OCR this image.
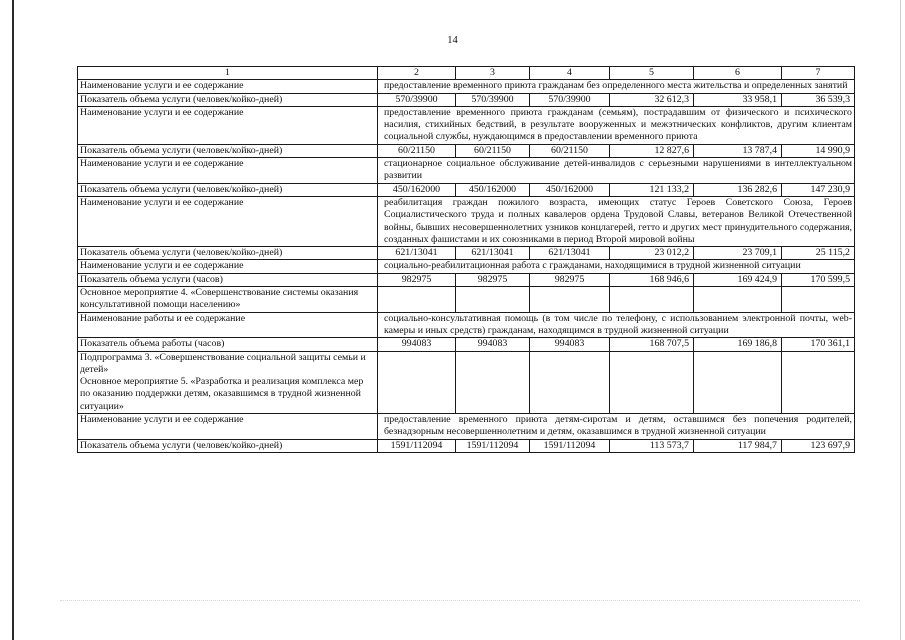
14
1	2	3	4	5	6	7
Наименование услуги и ее содержание	предоставление временного приюта гражданам без определенного места жительства и определенных занятий					
Показатель объема услуги (человек/койко-дней)	570/39900	570/39900	570/39900	32 612,3	33 958,1	36 539,3
Наименование услуги и ее содержание	предоставление временного приюта гражданам (семьям), пострадавшим от физического и психического насилия, стихийных бедствий, в результате вооруженных и межэтнических конфликтов, другим клиентам социальной службы, нуждающимся в предоставлении временного приюта					
Показатель объема услуги (человек/койко-дней)	60/21150	60/21150	60/21150	12 827,6	13 787,4	14 990,9
Наименование услуги и ее содержание	стационарное социальное обслуживание детей-инвалидов с серьезными нарушениями в интеллектуальном развитии					
Показатель объема услуги (человек/койко-дней)	450/162000	450/162000	450/162000	121 133,2	136 282,6	147 230,9
Наименование услуги и ее содержание	реабилитация граждан пожилого возраста, имеющих статус Героев Советского Союза, Героев Социалистического труда и полных кавалеров ордена Трудовой Славы, ветеранов Великой Отечественной войны, бывших несовершеннолетних узников концлагерей, гетто и других мест принудительного содержания, созданных фашистами и их союзниками в период Второй мировой войны					
Показатель объема услуги (человек/койко-дней)	621/13041	621/13041	621/13041	23 012,2	23 709,1	25 115,2
Наименование услуги и ее содержание	социально-реабилитационная работа с гражданами, находящимися в трудной жизненной ситуации					
Показатель объема услуги (часов)	982975	982975	982975	168 946,6	169 424,9	170 599,5
Основное мероприятие 4. «Совершенствование системы оказания консультативной помощи населению»						
Наименование работы и ее содержание	социально-консультативная помощь (в том числе по телефону, с использованием электронной почты, web-камеры и иных средств) гражданам, находящимся в трудной жизненной ситуации					
Показатель объема работы (часов)	994083	994083	994083	168 707,5	169 186,8	170 361,1
Подпрограмма 3. «Совершенствование социальной защиты семьи и детей»
Основное мероприятие 5. «Разработка и реализация комплекса мер по оказанию поддержки детям, оказавшимся в трудной жизненной ситуации»						
Наименование услуги и ее содержание	предоставление временного приюта детям-сиротам и детям, оставшимся без попечения родителей, безнадзорным несовершеннолетним и детям, оказавшимся в трудной жизненной ситуации					
Показатель объема услуги (человек/койко-дней)	1591/112094	1591/112094	1591/112094	113 573,7	117 984,7	123 697,9
